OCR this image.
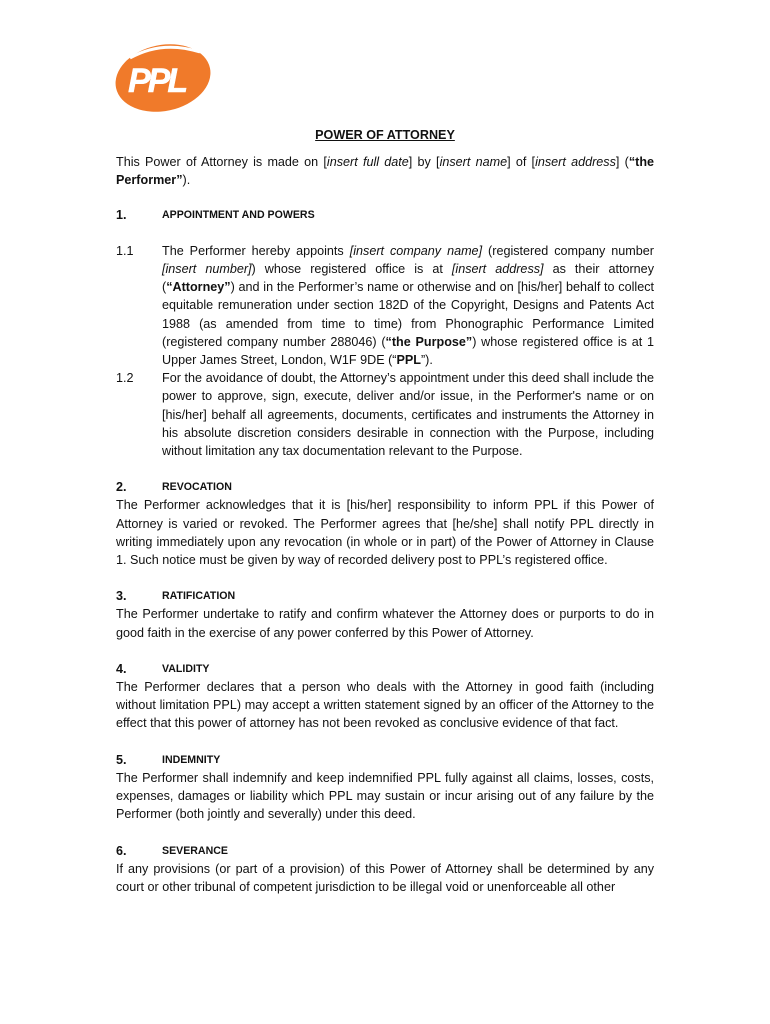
PPL
POWER OF ATTORNEY

This Power of Attorney is made on [insert full date] by [insert name] of [insert address] (“the Performer”).

1.	APPOINTMENT AND POWERS
1.1	The Performer hereby appoints [insert company name] (registered company number [insert number]) whose registered office is at [insert address] as their attorney (“Attorney”) and in the Performer’s name or otherwise and on [his/her] behalf to collect equitable remuneration under section 182D of the Copyright, Designs and Patents Act 1988 (as amended from time to time) from Phonographic Performance Limited (registered company number 288046) (“the Purpose”) whose registered office is at 1 Upper James Street, London, W1F 9DE (“PPL”).
1.2	For the avoidance of doubt, the Attorney’s appointment under this deed shall include the power to approve, sign, execute, deliver and/or issue, in the Performer's name or on [his/her] behalf all agreements, documents, certificates and instruments the Attorney in his absolute discretion considers desirable in connection with the Purpose, including without limitation any tax documentation relevant to the Purpose.
2.	REVOCATION

The Performer acknowledges that it is [his/her] responsibility to inform PPL if this Power of Attorney is varied or revoked. The Performer agrees that [he/she] shall notify PPL directly in writing immediately upon any revocation (in whole or in part) of the Power of Attorney in Clause 1. Such notice must be given by way of recorded delivery post to PPL’s registered office.

3.	RATIFICATION

The Performer undertake to ratify and confirm whatever the Attorney does or purports to do in good faith in the exercise of any power conferred by this Power of Attorney.

4.	VALIDITY

The Performer declares that a person who deals with the Attorney in good faith (including without limitation PPL) may accept a written statement signed by an officer of the Attorney to the effect that this power of attorney has not been revoked as conclusive evidence of that fact.

5.	INDEMNITY

The Performer shall indemnify and keep indemnified PPL fully against all claims, losses, costs, expenses, damages or liability which PPL may sustain or incur arising out of any failure by the Performer (both jointly and severally) under this deed.

6.	SEVERANCE

If any provisions (or part of a provision) of this Power of Attorney shall be determined by any court or other tribunal of competent jurisdiction to be illegal void or unenforceable all other
